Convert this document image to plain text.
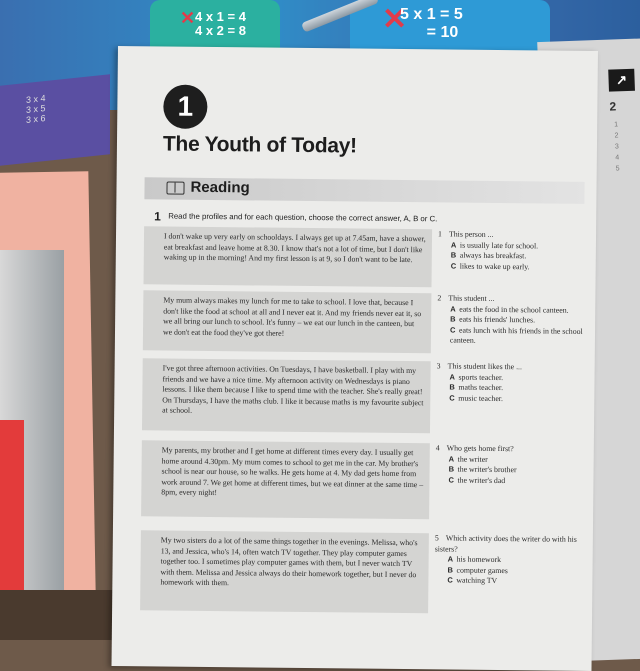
✕ 4 x 1 = 4
4 x 2 = 8	✕
5 x 1 = 5
= 10
3 x 4
3 x 5
3 x 6
↗
2
1
2
3
4
5
1
The Youth of Today!
Reading
1 Read the profiles and for each question, choose the correct answer, A, B or C.
I don't wake up very early on schooldays. I always get up at 7.45am, have a shower, eat breakfast and leave home at 8.30. I know that's not a lot of time, but I don't like waking up in the morning! And my first lesson is at 9, so I don't want to be late.
1 This person ...
A is usually late for school.
B always has breakfast.
C likes to wake up early.
My mum always makes my lunch for me to take to school. I love that, because I don't like the food at school at all and I never eat it. And my friends never eat it, so we all bring our lunch to school. It's funny – we eat our lunch in the canteen, but we don't eat the food they've got there!
2 This student ...
A eats the food in the school canteen.
B eats his friends' lunches.
C eats lunch with his friends in the school canteen.
I've got three afternoon activities. On Tuesdays, I have basketball. I play with my friends and we have a nice time. My afternoon activity on Wednesdays is piano lessons. I like them because I like to spend time with the teacher. She's really great! On Thursdays, I have the maths club. I like it because maths is my favourite subject at school.
3 This student likes the ...
A sports teacher.
B maths teacher.
C music teacher.
My parents, my brother and I get home at different times every day. I usually get home around 4.30pm. My mum comes to school to get me in the car. My brother's school is near our house, so he walks. He gets home at 4. My dad gets home from work around 7. We get home at different times, but we eat dinner at the same time – 8pm, every night!
4 Who gets home first?
A the writer
B the writer's brother
C the writer's dad
My two sisters do a lot of the same things together in the evenings. Melissa, who's 13, and Jessica, who's 14, often watch TV together. They play computer games together too. I sometimes play computer games with them, but I never watch TV with them. Melissa and Jessica always do their homework together, but I never do homework with them.
5 Which activity does the writer do with his sisters?
A his homework
B computer games
C watching TV
